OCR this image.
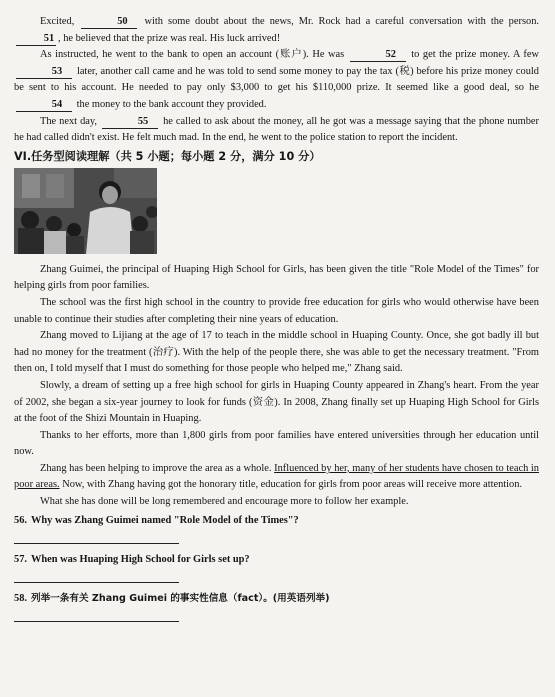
Excited,	50 with some doubt about the news, Mr. Rock had a careful conversation with the person. 51 , he believed that the prize was real. His luck arrived!

As instructed, he went to the bank to open an account (账户). He was	52 to get the prize money. A few 53 later, another call came and he was told to send some money to pay the tax (税) before his prize money could be sent to his account. He needed to pay only $3,000 to get his $110,000 prize. It seemed like a good deal, so he 54 the money to the bank account they provided.

The next day,	55 he called to ask about the money, all he got was a message saying that the phone number he had called didn't exist. He felt much mad. In the end, he went to the police station to report the incident.

VI.任务型阅读理解（共 5 小题；每小题 2 分，满分 10 分）

Zhang Guimei, the principal of Huaping High School for Girls, has been given the title "Role Model of the Times" for helping girls from poor families.

The school was the first high school in the country to provide free education for girls who would otherwise have been unable to continue their studies after completing their nine years of education.

Zhang moved to Lijiang at the age of 17 to teach in the middle school in Huaping County. Once, she got badly ill but had no money for the treatment (治疗). With the help of the people there, she was able to get the necessary treatment. "From then on, I told myself that I must do something for those people who helped me," Zhang said.

Slowly, a dream of setting up a free high school for girls in Huaping County appeared in Zhang's heart. From the year of 2002, she began a six-year journey to look for funds (资金). In 2008, Zhang finally set up Huaping High School for Girls at the foot of the Shizi Mountain in Huaping.

Thanks to her efforts, more than 1,800 girls from poor families have entered universities through her education until now.

Zhang has been helping to improve the area as a whole. Influenced by her, many of her students have chosen to teach in poor areas. Now, with Zhang having got the honorary title, education for girls from poor areas will receive more attention.

What she has done will be long remembered and encourage more to follow her example.

56. Why was Zhang Guimei named "Role Model of the Times"?
57. When was Huaping High School for Girls set up?
58. 列举一条有关 Zhang Guimei 的事实性信息（fact）。(用英语列举)
